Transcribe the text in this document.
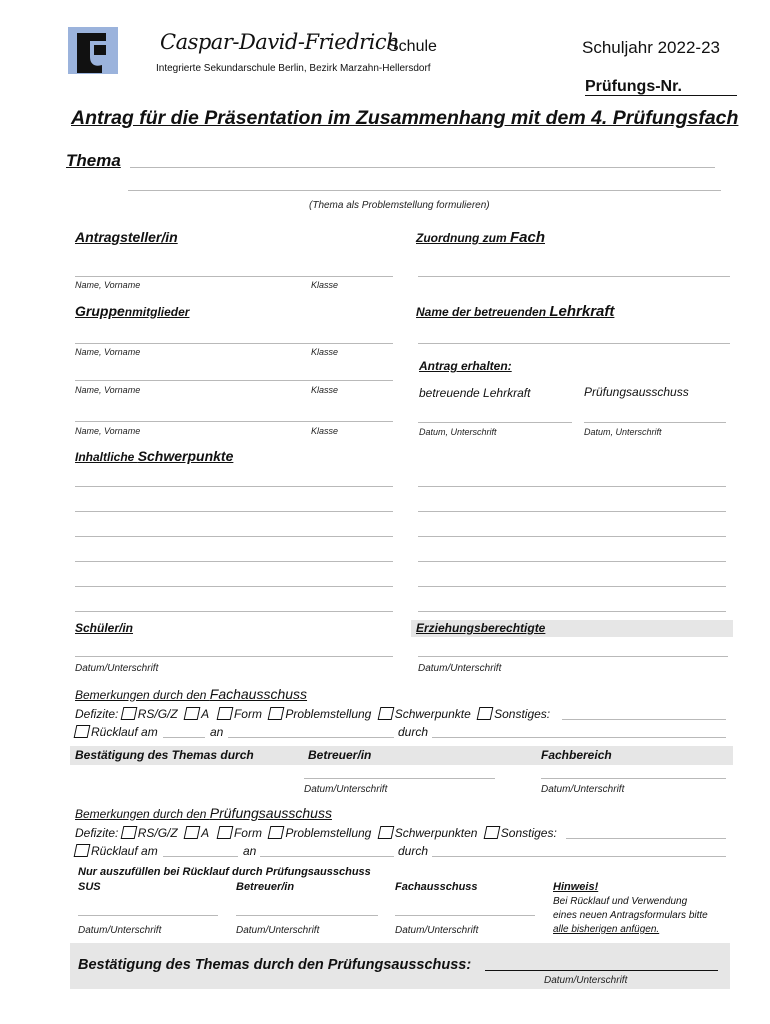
Caspar-David-Friedrich
Schule
Integrierte Sekundarschule Berlin, Bezirk Marzahn-Hellersdorf
Schuljahr 2022-23
Prüfungs-Nr.
Antrag für die Präsentation im Zusammenhang mit dem 4. Prüfungsfach
Thema
(Thema als Problemstellung formulieren)
Antragsteller/in
Name, Vorname	Klasse
Gruppenmitglieder
Name, Vorname	Klasse
Name, Vorname	Klasse
Name, Vorname	Klasse
Inhaltliche Schwerpunkte
Zuordnung zum Fach
Name der betreuenden Lehrkraft
Antrag erhalten:
betreuende Lehrkraft	Prüfungsausschuss
Datum, Unterschrift	Datum, Unterschrift
Schüler/in	Erziehungsberechtigte
Datum/Unterschrift	Datum/Unterschrift
Bemerkungen durch den Fachausschuss
Defizite: RS/G/Z A Form Problemstellung Schwerpunkte Sonstiges:
Rücklauf am	an	durch
Bestätigung des Themas durch	Betreuer/in	Fachbereich
Datum/Unterschrift	Datum/Unterschrift
Bemerkungen durch den Prüfungsausschuss
Defizite: RS/G/Z A Form Problemstellung Schwerpunkten Sonstiges:
Rücklauf am	an	durch
Nur auszufüllen bei Rücklauf durch Prüfungsausschuss
SUS	Betreuer/in	Fachausschuss	Hinweis!
Bei Rücklauf und Verwendung
eines neuen Antragsformulars bitte
alle bisherigen anfügen.
Datum/Unterschrift	Datum/Unterschrift	Datum/Unterschrift
Bestätigung des Themas durch den Prüfungsausschuss:
Datum/Unterschrift
